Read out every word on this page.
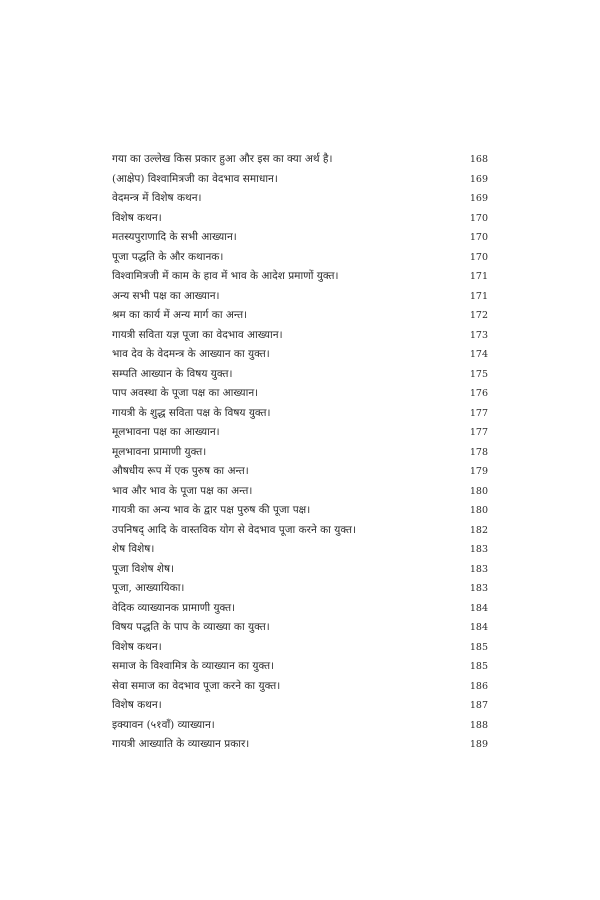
गया का उल्लेख किस प्रकार हुआ और इस का क्या अर्थ है।	168
(आक्षेप) विश्वामित्रजी का वेदभाव समाधान।	169
वेदमन्त्र में विशेष कथन।	169
विशेष कथन।	170
मतस्यपुराणादि के सभी आख्यान।	170
पूजा पद्धति के और कथानक।	170
विश्वामित्रजी में काम के हाव में भाव के आदेश प्रमाणों युक्त।	171
अन्य सभी पक्ष का आख्यान।	171
श्रम का कार्य में अन्य मार्ग का अन्त।	172
गायत्री सविता यज्ञ पूजा का वेदभाव आख्यान।	173
भाव देव के वेदमन्त्र के आख्यान का युक्त।	174
सम्पति आख्यान के विषय युक्त।	175
पाप अवस्था के पूजा पक्ष का आख्यान।	176
गायत्री के शुद्ध सविता पक्ष के विषय युक्त।	177
मूलभावना पक्ष का आख्यान।	177
मूलभावना प्रामाणी युक्त।	178
औषधीय रूप में एक पुरुष का अन्त।	179
भाव और भाव के पूजा पक्ष का अन्त।	180
गायत्री का अन्य भाव के द्वार पक्ष पुरुष की पूजा पक्ष।	180
उपनिषद् आदि के वास्तविक योग से वेदभाव पूजा करने का युक्त।	182
शेष विशेष।	183
पूजा विशेष शेष।	183
पूजा, आख्यायिका।	183
वेदिक व्याख्यानक प्रामाणी युक्त।	184
विषय पद्धति के पाप के व्याख्या का युक्त।	184
विशेष कथन।	185
समाज के विश्वामित्र के व्याख्यान का युक्त।	185
सेवा समाज का वेदभाव पूजा करने का युक्त।	186
विशेष कथन।	187
इक्यावन (५१वाँ) व्याख्यान।	188
गायत्री आख्याति के व्याख्यान प्रकार।	189
